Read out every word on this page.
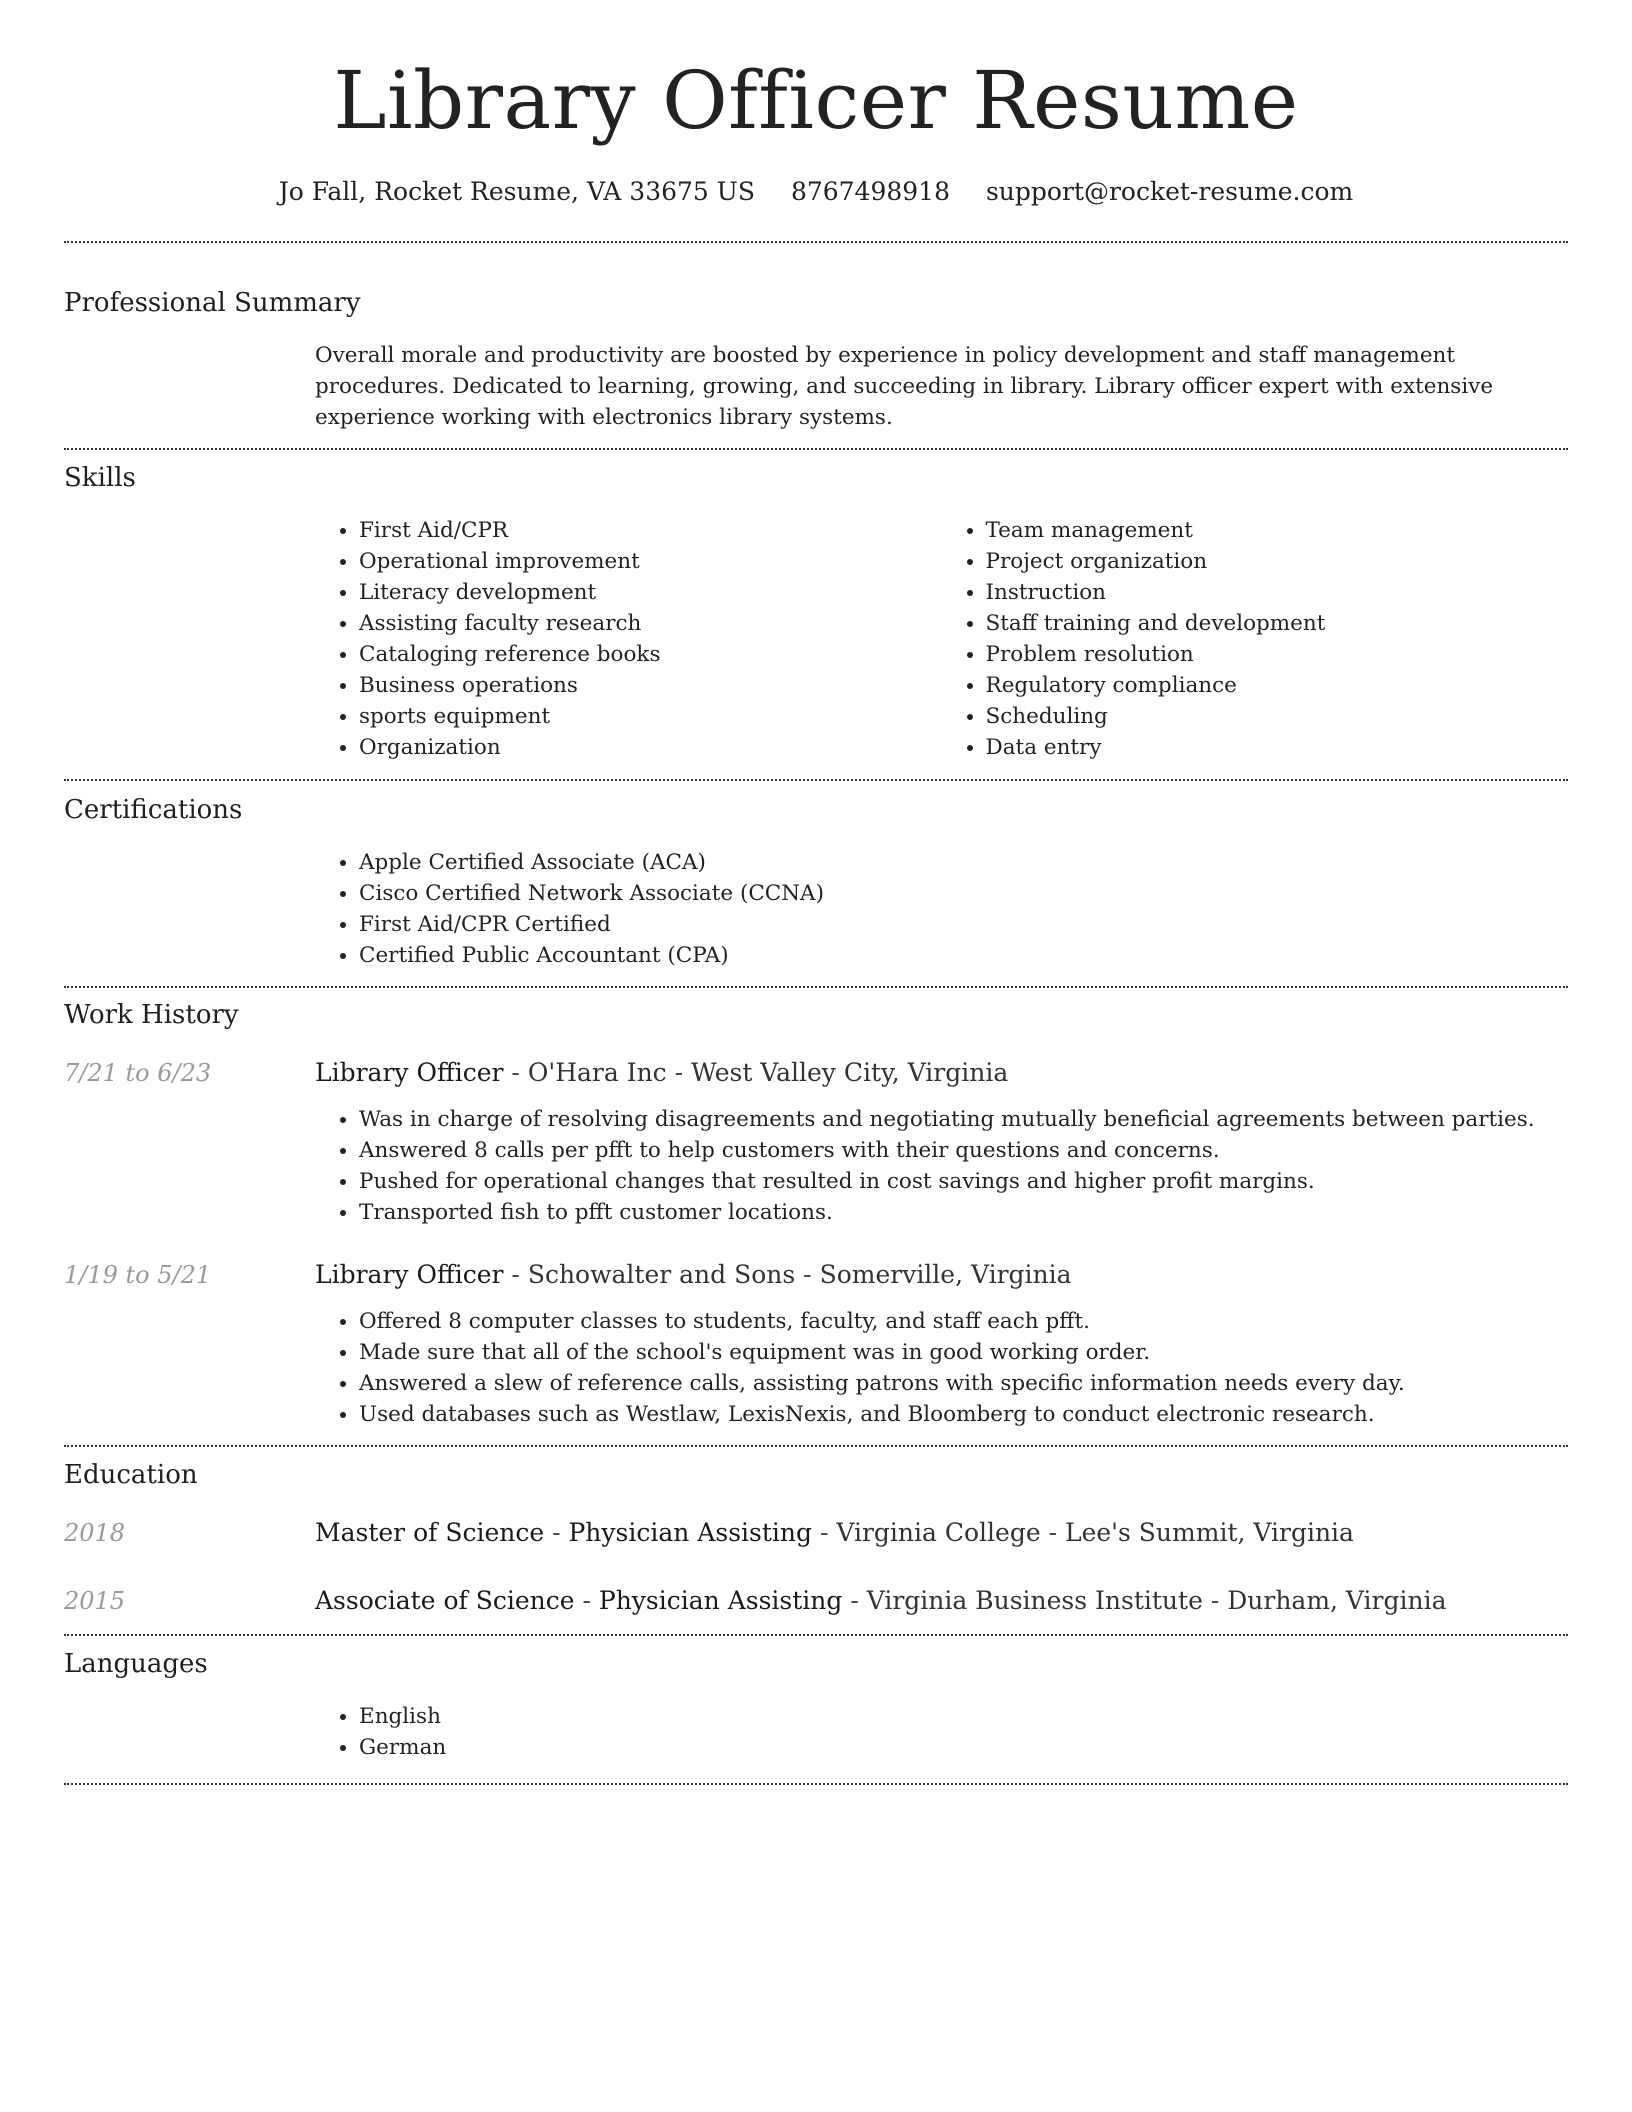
Library Officer Resume
Jo Fall, Rocket Resume, VA 33675 US 8767498918 support@rocket-resume.com
Professional Summary
Overall morale and productivity are boosted by experience in policy development and staff management procedures. Dedicated to learning, growing, and succeeding in library. Library officer expert with extensive experience working with electronics library systems.
Skills
• First Aid/CPR
• Operational improvement
• Literacy development
• Assisting faculty research
• Cataloging reference books
• Business operations
• sports equipment
• Organization
• Team management
• Project organization
• Instruction
• Staff training and development
• Problem resolution
• Regulatory compliance
• Scheduling
• Data entry
Certifications
• Apple Certified Associate (ACA)
• Cisco Certified Network Associate (CCNA)
• First Aid/CPR Certified
• Certified Public Accountant (CPA)
Work History
7/21 to 6/23	Library Officer - O'Hara Inc - West Valley City, Virginia
• Was in charge of resolving disagreements and negotiating mutually beneficial agreements between parties.
• Answered 8 calls per pfft to help customers with their questions and concerns.
• Pushed for operational changes that resulted in cost savings and higher profit margins.
• Transported fish to pfft customer locations.
1/19 to 5/21	Library Officer - Schowalter and Sons - Somerville, Virginia
• Offered 8 computer classes to students, faculty, and staff each pfft.
• Made sure that all of the school's equipment was in good working order.
• Answered a slew of reference calls, assisting patrons with specific information needs every day.
• Used databases such as Westlaw, LexisNexis, and Bloomberg to conduct electronic research.
Education
2018	Master of Science - Physician Assisting - Virginia College - Lee's Summit, Virginia
2015	Associate of Science - Physician Assisting - Virginia Business Institute - Durham, Virginia
Languages
• English
• German
